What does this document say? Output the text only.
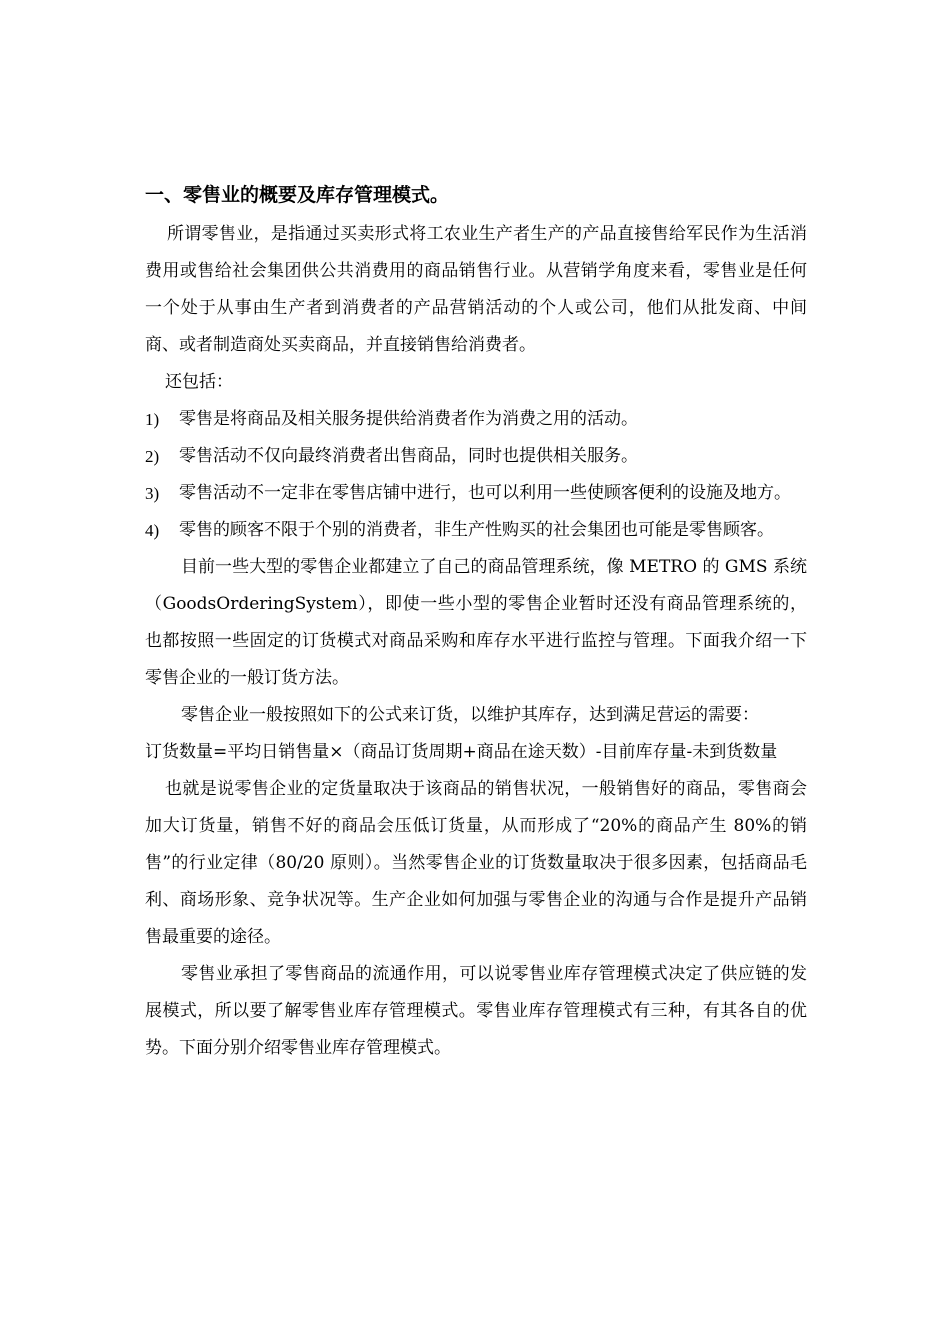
一、零售业的概要及库存管理模式。

所谓零售业，是指通过买卖形式将工农业生产者生产的产品直接售给军民作为生活消费用或售给社会集团供公共消费用的商品销售行业。从营销学角度来看，零售业是任何一个处于从事由生产者到消费者的产品营销活动的个人或公司，他们从批发商、中间商、或者制造商处买卖商品，并直接销售给消费者。

还包括：

1) 零售是将商品及相关服务提供给消费者作为消费之用的活动。
2) 零售活动不仅向最终消费者出售商品，同时也提供相关服务。
3) 零售活动不一定非在零售店铺中进行，也可以利用一些使顾客便利的设施及地方。
4) 零售的顾客不限于个别的消费者，非生产性购买的社会集团也可能是零售顾客。

目前一些大型的零售企业都建立了自己的商品管理系统，像 METRO 的 GMS 系统（GoodsOrderingSystem），即使一些小型的零售企业暂时还没有商品管理系统的，也都按照一些固定的订货模式对商品采购和库存水平进行监控与管理。下面我介绍一下零售企业的一般订货方法。

零售企业一般按照如下的公式来订货，以维护其库存，达到满足营运的需要：

订货数量=平均日销售量×（商品订货周期+商品在途天数）-目前库存量-未到货数量

也就是说零售企业的定货量取决于该商品的销售状况，一般销售好的商品，零售商会加大订货量，销售不好的商品会压低订货量，从而形成了“20%的商品产生 80%的销售”的行业定律（80/20 原则）。当然零售企业的订货数量取决于很多因素，包括商品毛利、商场形象、竞争状况等。生产企业如何加强与零售企业的沟通与合作是提升产品销售最重要的途径。

零售业承担了零售商品的流通作用，可以说零售业库存管理模式决定了供应链的发展模式，所以要了解零售业库存管理模式。零售业库存管理模式有三种，有其各自的优势。下面分别介绍零售业库存管理模式。
